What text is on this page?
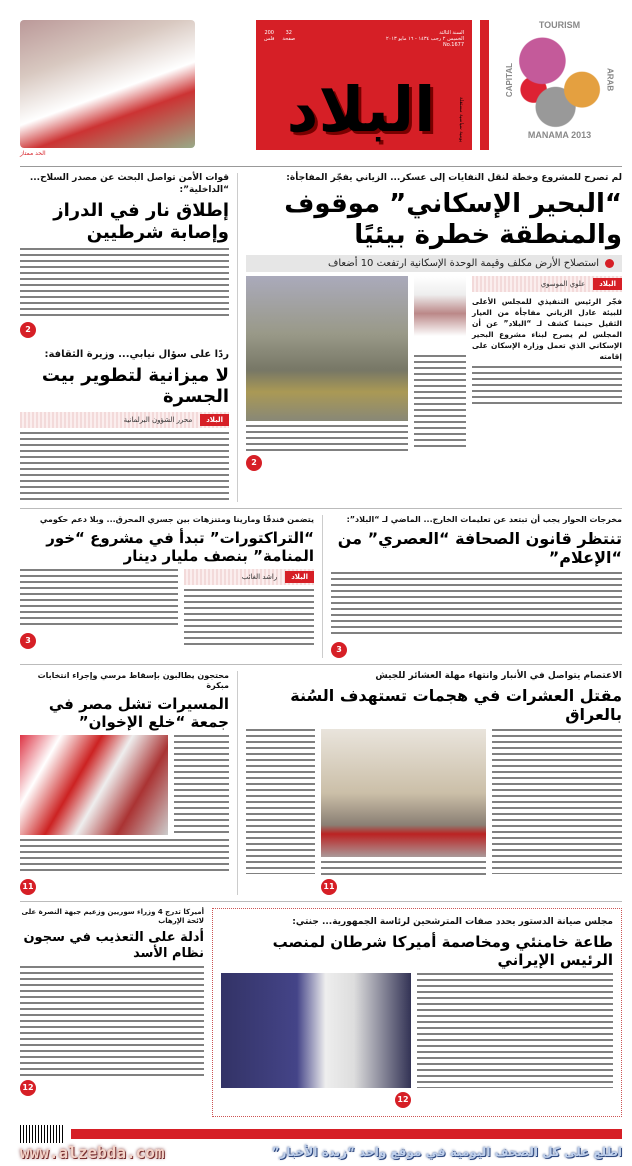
الحد ممتاز
السنة الثالثة
الخميس ٢ رجب ١٤٣٤ - ١٦ مايو ٢٠١٣
No.1677
32
صفحة
200
فلس
يومية سياسية مستقلة
البلاد
TOURISM
CAPITAL	ARAB
MANAMA 2013
لم تصرح للمشروع وخطة لنقل النفايات إلى عسكر... الزياني يفجّر المفاجأة:
“البحير الإسكاني” موقوف والمنطقة خطرة بيئيًا
استصلاح الأرض مكلف وقيمة الوحدة الإسكانية ارتفعت 10 أضعاف
البلاد
علوي الموسوي
فجّر الرئيس التنفيذي للمجلس الأعلى للبيئة عادل الزياني مفاجأة من العيار الثقيل حينما كشف لـ “البلاد” عن أن المجلس لم يصرح لبناء مشروع البحير الإسكاني الذي تعمل وزارة الإسكان على إقامته
2
قوات الأمن تواصل البحث عن مصدر السلاح... “الداخلية”:
إطلاق نار في الدراز وإصابة شرطيين
2
ردًا على سؤال نيابي... وزيرة الثقافة:
لا ميزانية لتطوير بيت الجسرة
البلاد
محرر الشؤون البرلمانية
مخرجات الحوار يجب أن تبتعد عن تعليمات الخارج... الماضي لـ “البلاد”:
تنتظر قانون الصحافة “العصري” من “الإعلام”
3
يتضمن فندقًا ومارينا ومتنزهات بين جسري المحرق... وبلا دعم حكومي
“التراكتورات” تبدأ في مشروع “خور المنامة” بنصف مليار دينار
البلاد
راشد الغائب
3
الاعتصام يتواصل في الأنبار وانتهاء مهلة العشائر للجيش
مقتل العشرات في هجمات تستهدف السُنة بالعراق
11
محتجون يطالبون بإسقاط مرسي وإجراء انتخابات مبكرة
المسيرات تشل مصر في جمعة “خلع الإخوان”
11
مجلس صيانة الدستور يحدد صفات المترشحين لرئاسة الجمهورية... جنتي:
طاعة خامنئي ومخاصمة أميركا شرطان لمنصب الرئيس الإيراني
12
أميركا تدرج 4 وزراء سوريين وزعيم جبهة النصرة على لائحة الإرهاب
أدلة على التعذيب في سجون نظام الأسد
12
www.alzebda.com	اطلع على كل الصحف اليومية في موقع واحد “زبدة الأخبار”
